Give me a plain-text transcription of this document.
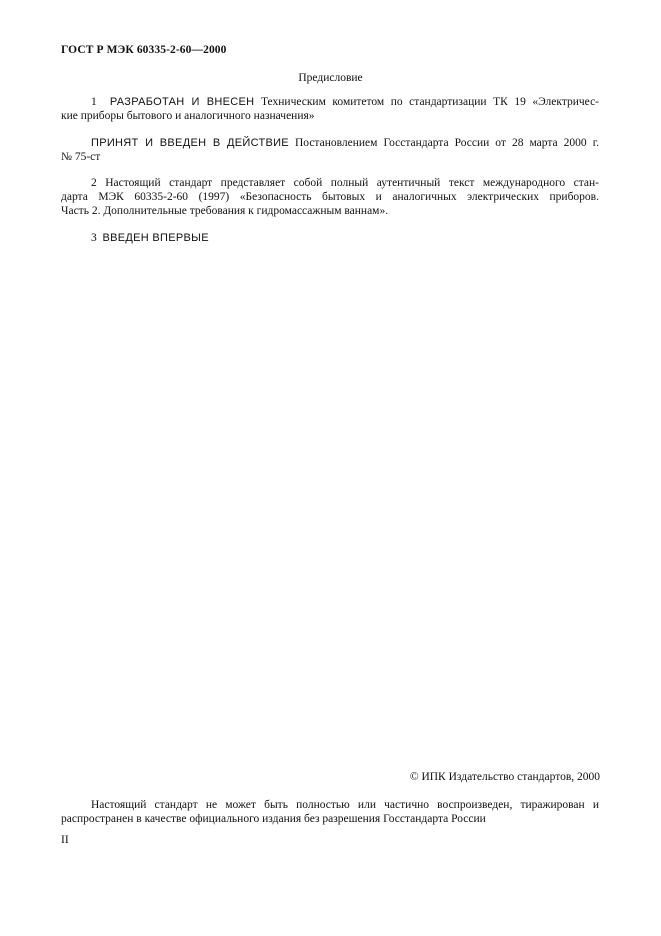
ГОСТ Р МЭК 60335-2-60—2000
Предисловие
1 РАЗРАБОТАН И ВНЕСЕН Техническим комитетом по стандартизации ТК 19 «Электричес-
кие приборы бытового и аналогичного назначения»
ПРИНЯТ И ВВЕДЕН В ДЕЙСТВИЕ Постановлением Госстандарта России от 28 марта 2000 г.
№ 75-ст
2 Настоящий стандарт представляет собой полный аутентичный текст международного стан-
дарта МЭК 60335-2-60 (1997) «Безопасность бытовых и аналогичных электрических приборов.
Часть 2. Дополнительные требования к гидромассажным ваннам».
3 ВВЕДЕН ВПЕРВЫЕ
© ИПК Издательство стандартов, 2000
Настоящий стандарт не может быть полностью или частично воспроизведен, тиражирован и
распространен в качестве официального издания без разрешения Госстандарта России
II
